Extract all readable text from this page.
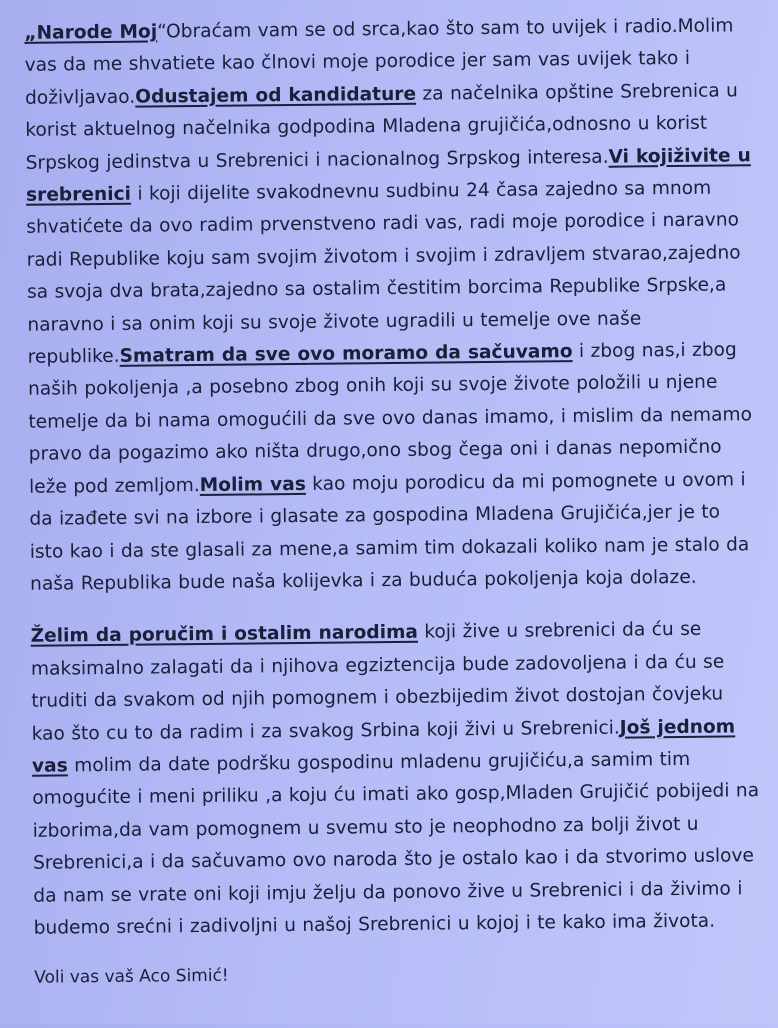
„Narode Moj“Obraćam vam se od srca,kao što sam to uvijek i radio.Molim vas da me shvatiete kao člnovi moje porodice jer sam vas uvijek tako i doživljavao.Odustajem od kandidature za načelnika opštine Srebrenica u korist aktuelnog načelnika godpodina Mladena grujičića,odnosno u korist Srpskog jedinstva u Srebrenici i nacionalnog Srpskog interesa.Vi kojiživite u srebrenici i koji dijelite svakodnevnu sudbinu 24 časa zajedno sa mnom shvatićete da ovo radim prvenstveno radi vas, radi moje porodice i naravno radi Republike koju sam svojim životom i svojim i zdravljem stvarao,zajedno sa svoja dva brata,zajedno sa ostalim čestitim borcima Republike Srpske,a naravno i sa onim koji su svoje živote ugradili u temelje ove naše republike.Smatram da sve ovo moramo da sačuvamo i zbog nas,i zbog naših pokoljenja ,a posebno zbog onih koji su svoje živote položili u njene temelje da bi nama omogućili da sve ovo danas imamo, i mislim da nemamo pravo da pogazimo ako ništa drugo,ono sbog čega oni i danas nepomično leže pod zemljom.Molim vas kao moju porodicu da mi pomognete u ovom i da izađete svi na izbore i glasate za gospodina Mladena Grujičića,jer je to isto kao i da ste glasali za mene,a samim tim dokazali koliko nam je stalo da naša Republika bude naša kolijevka i za buduća pokoljenja koja dolaze.

Želim da poručim i ostalim narodima koji žive u srebrenici da ću se maksimalno zalagati da i njihova egziztencija bude zadovoljena i da ću se truditi da svakom od njih pomognem i obezbijedim život dostojan čovjeku kao što cu to da radim i za svakog Srbina koji živi u Srebrenici.Još jednom vas molim da date podršku gospodinu mladenu grujičiću,a samim tim omogućite i meni priliku ,a koju ću imati ako gosp,Mladen Grujičić pobijedi na izborima,da vam pomognem u svemu sto je neophodno za bolji život u Srebrenici,a i da sačuvamo ovo naroda što je ostalo kao i da stvorimo uslove da nam se vrate oni koji imju želju da ponovo žive u Srebrenici i da živimo i budemo srećni i zadivoljni u našoj Srebrenici u kojoj i te kako ima života.

Voli vas vaš Aco Simić!
